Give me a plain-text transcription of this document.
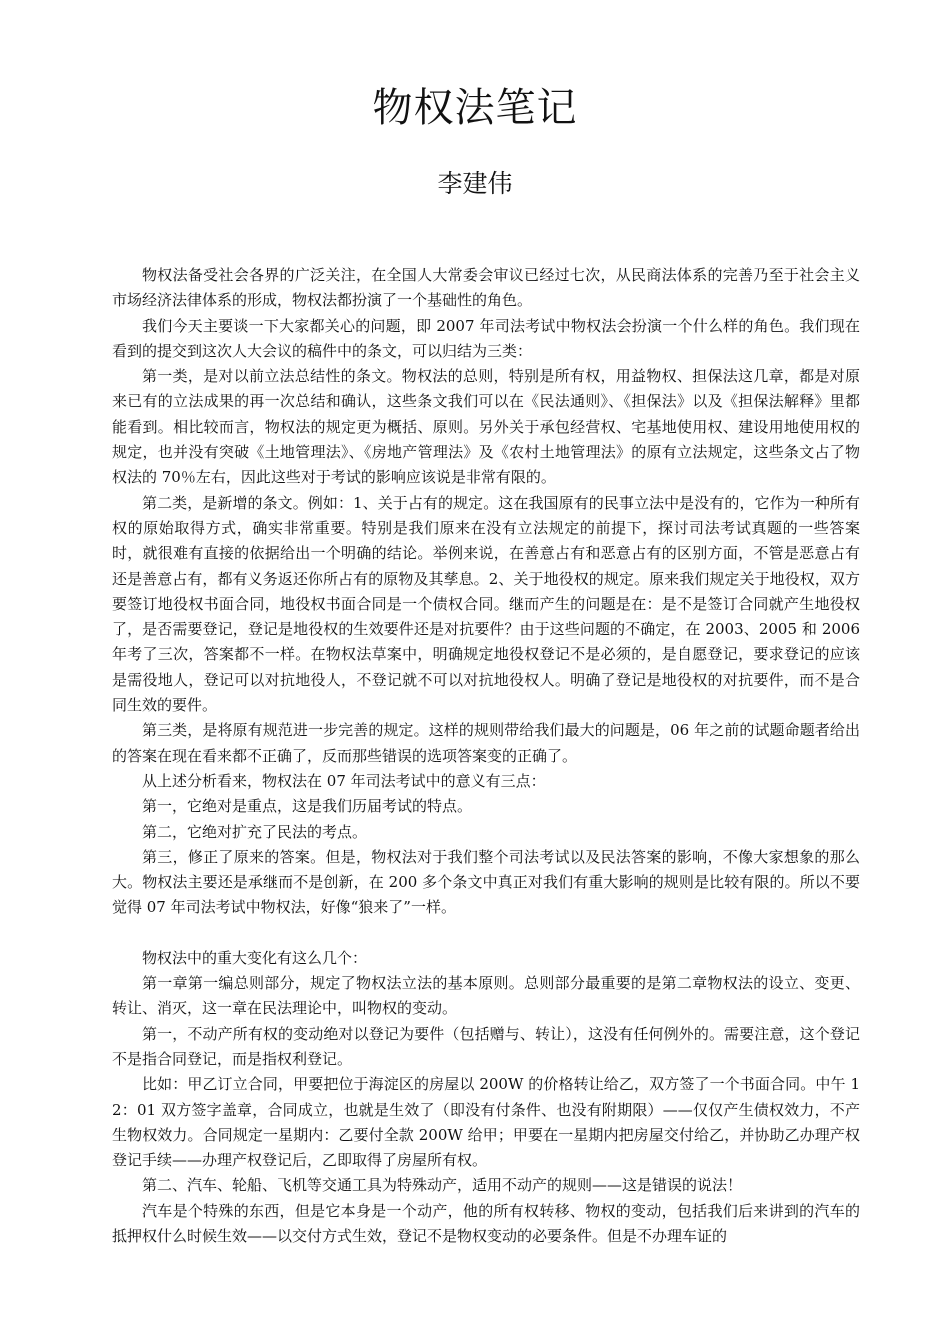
物权法笔记
李建伟

物权法备受社会各界的广泛关注，在全国人大常委会审议已经过七次，从民商法体系的完善乃至于社会主义市场经济法律体系的形成，物权法都扮演了一个基础性的角色。

我们今天主要谈一下大家都关心的问题，即 2007 年司法考试中物权法会扮演一个什么样的角色。我们现在看到的提交到这次人大会议的稿件中的条文，可以归结为三类：

第一类，是对以前立法总结性的条文。物权法的总则，特别是所有权，用益物权、担保法这几章，都是对原来已有的立法成果的再一次总结和确认，这些条文我们可以在《民法通则》、《担保法》以及《担保法解释》里都能看到。相比较而言，物权法的规定更为概括、原则。另外关于承包经营权、宅基地使用权、建设用地使用权的规定，也并没有突破《土地管理法》、《房地产管理法》及《农村土地管理法》的原有立法规定，这些条文占了物权法的 70％左右，因此这些对于考试的影响应该说是非常有限的。

第二类，是新增的条文。例如：1、关于占有的规定。这在我国原有的民事立法中是没有的，它作为一种所有权的原始取得方式，确实非常重要。特别是我们原来在没有立法规定的前提下，探讨司法考试真题的一些答案时，就很难有直接的依据给出一个明确的结论。举例来说，在善意占有和恶意占有的区别方面，不管是恶意占有还是善意占有，都有义务返还你所占有的原物及其孳息。2、关于地役权的规定。原来我们规定关于地役权，双方要签订地役权书面合同，地役权书面合同是一个债权合同。继而产生的问题是在：是不是签订合同就产生地役权了，是否需要登记，登记是地役权的生效要件还是对抗要件？由于这些问题的不确定，在 2003、2005 和 2006 年考了三次，答案都不一样。在物权法草案中，明确规定地役权登记不是必须的，是自愿登记，要求登记的应该是需役地人，登记可以对抗地役人，不登记就不可以对抗地役权人。明确了登记是地役权的对抗要件，而不是合同生效的要件。

第三类，是将原有规范进一步完善的规定。这样的规则带给我们最大的问题是，06 年之前的试题命题者给出的答案在现在看来都不正确了，反而那些错误的选项答案变的正确了。

从上述分析看来，物权法在 07 年司法考试中的意义有三点：

第一，它绝对是重点，这是我们历届考试的特点。

第二，它绝对扩充了民法的考点。

第三，修正了原来的答案。但是，物权法对于我们整个司法考试以及民法答案的影响，不像大家想象的那么大。物权法主要还是承继而不是创新，在 200 多个条文中真正对我们有重大影响的规则是比较有限的。所以不要觉得 07 年司法考试中物权法，好像“狼来了”一样。

物权法中的重大变化有这么几个：

第一章第一编总则部分，规定了物权法立法的基本原则。总则部分最重要的是第二章物权法的设立、变更、转让、消灭，这一章在民法理论中，叫物权的变动。

第一，不动产所有权的变动绝对以登记为要件（包括赠与、转让），这没有任何例外的。需要注意，这个登记不是指合同登记，而是指权利登记。

比如：甲乙订立合同，甲要把位于海淀区的房屋以 200W 的价格转让给乙，双方签了一个书面合同。中午 12：01 双方签字盖章，合同成立，也就是生效了（即没有付条件、也没有附期限）——仅仅产生债权效力，不产生物权效力。合同规定一星期内：乙要付全款 200W 给甲；甲要在一星期内把房屋交付给乙，并协助乙办理产权登记手续——办理产权登记后，乙即取得了房屋所有权。

第二、汽车、轮船、飞机等交通工具为特殊动产，适用不动产的规则——这是错误的说法！

汽车是个特殊的东西，但是它本身是一个动产，他的所有权转移、物权的变动，包括我们后来讲到的汽车的抵押权什么时候生效——以交付方式生效，登记不是物权变动的必要条件。但是不办理车证的
